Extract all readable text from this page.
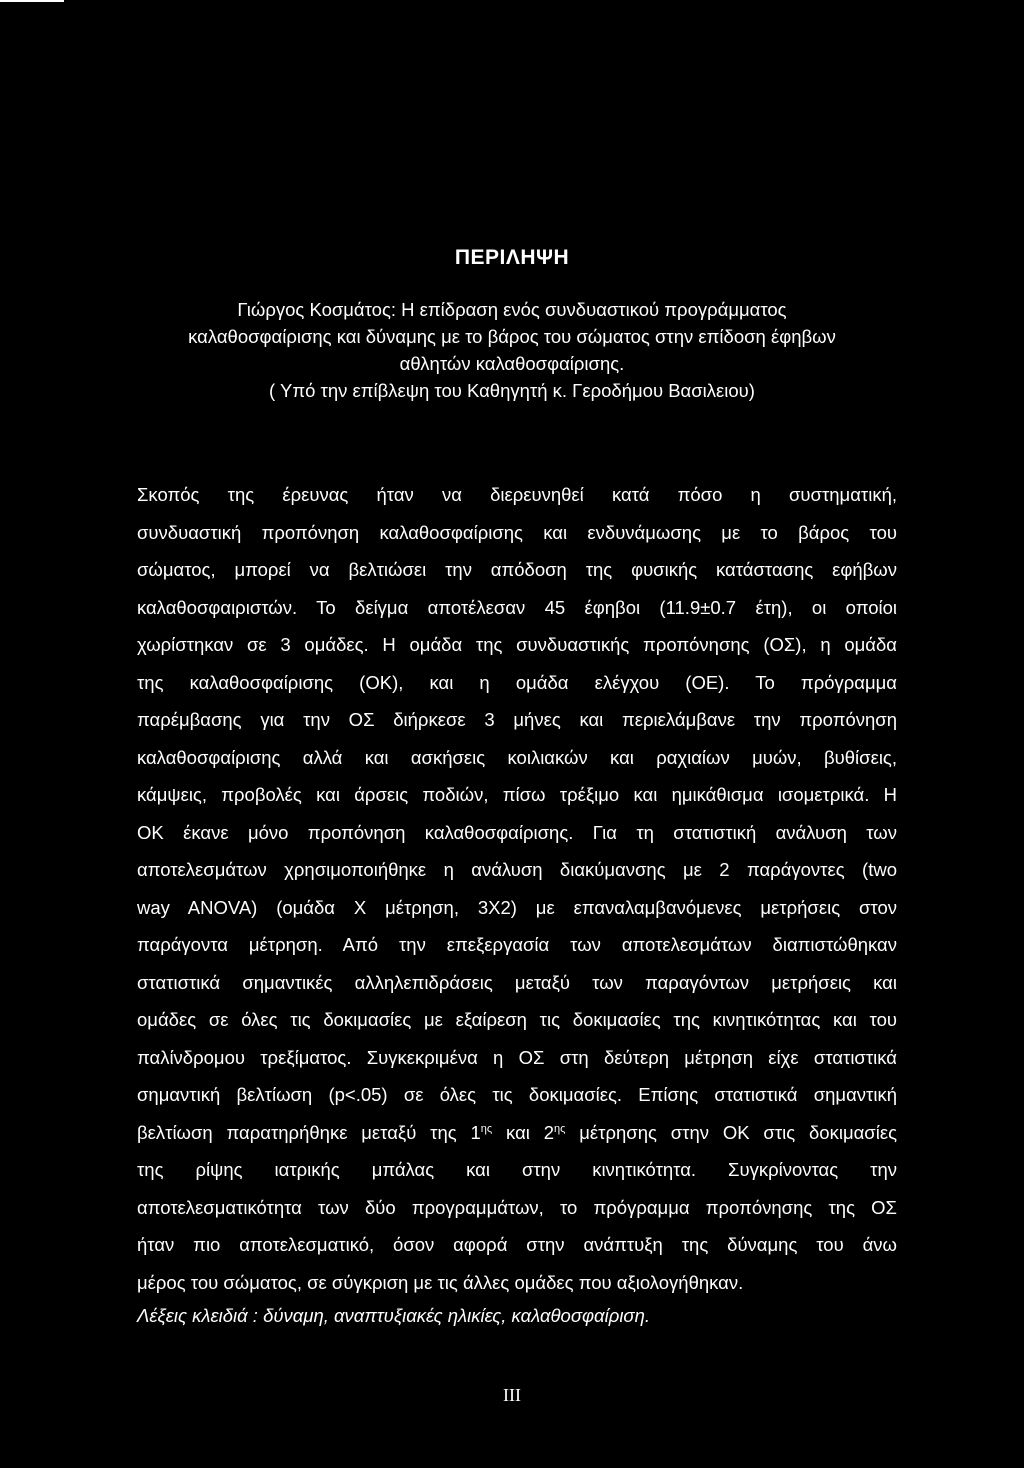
ΠΕΡΙΛΗΨΗ
Γιώργος Κοσμάτος: Η επίδραση ενός συνδυαστικού προγράμματος
καλαθοσφαίρισης και δύναμης με το βάρος του σώματος στην επίδοση έφηβων
αθλητών καλαθοσφαίρισης.
( Υπό την επίβλεψη του Καθηγητή κ. Γεροδήμου Βασιλειου)
Σκοπός της έρευνας ήταν να διερευνηθεί κατά πόσο η συστηματική,
συνδυαστική προπόνηση καλαθοσφαίρισης και ενδυνάμωσης με το βάρος του
σώματος, μπορεί να βελτιώσει την απόδοση της φυσικής κατάστασης εφήβων
καλαθοσφαιριστών. Το δείγμα αποτέλεσαν 45 έφηβοι (11.9±0.7 έτη), οι οποίοι
χωρίστηκαν σε 3 ομάδες. Η ομάδα της συνδυαστικής προπόνησης (ΟΣ), η ομάδα
της καλαθοσφαίρισης (ΟΚ), και η ομάδα ελέγχου (ΟΕ). Το πρόγραμμα
παρέμβασης για την ΟΣ διήρκεσε 3 μήνες και περιελάμβανε την προπόνηση
καλαθοσφαίρισης αλλά και ασκήσεις κοιλιακών και ραχιαίων μυών, βυθίσεις,
κάμψεις, προβολές και άρσεις ποδιών, πίσω τρέξιμο και ημικάθισμα ισομετρικά. Η
ΟΚ έκανε μόνο προπόνηση καλαθοσφαίρισης. Για τη στατιστική ανάλυση των
αποτελεσμάτων χρησιμοποιήθηκε η ανάλυση διακύμανσης με 2 παράγοντες (two
way ANOVA) (ομάδα Χ μέτρηση, 3X2) με επαναλαμβανόμενες μετρήσεις στον
παράγοντα μέτρηση. Από την επεξεργασία των αποτελεσμάτων διαπιστώθηκαν
στατιστικά σημαντικές αλληλεπιδράσεις μεταξύ των παραγόντων μετρήσεις και
ομάδες σε όλες τις δοκιμασίες με εξαίρεση τις δοκιμασίες της κινητικότητας και του
παλίνδρομου τρεξίματος. Συγκεκριμένα η ΟΣ στη δεύτερη μέτρηση είχε στατιστικά
σημαντική βελτίωση (p<.05) σε όλες τις δοκιμασίες. Επίσης στατιστικά σημαντική
βελτίωση παρατηρήθηκε μεταξύ της $1^{\eta\varsigma}$ και $2^{\eta\varsigma}$ μέτρησης στην ΟΚ στις δοκιμασίες
της ρίψης ιατρικής μπάλας και στην κινητικότητα. Συγκρίνοντας την
αποτελεσματικότητα των δύο προγραμμάτων, το πρόγραμμα προπόνησης της ΟΣ
ήταν πιο αποτελεσματικό, όσον αφορά στην ανάπτυξη της δύναμης του άνω
μέρος του σώματος, σε σύγκριση με τις άλλες ομάδες που αξιολογήθηκαν.
Λέξεις κλειδιά : δύναμη, αναπτυξιακές ηλικίες, καλαθοσφαίριση.
III
